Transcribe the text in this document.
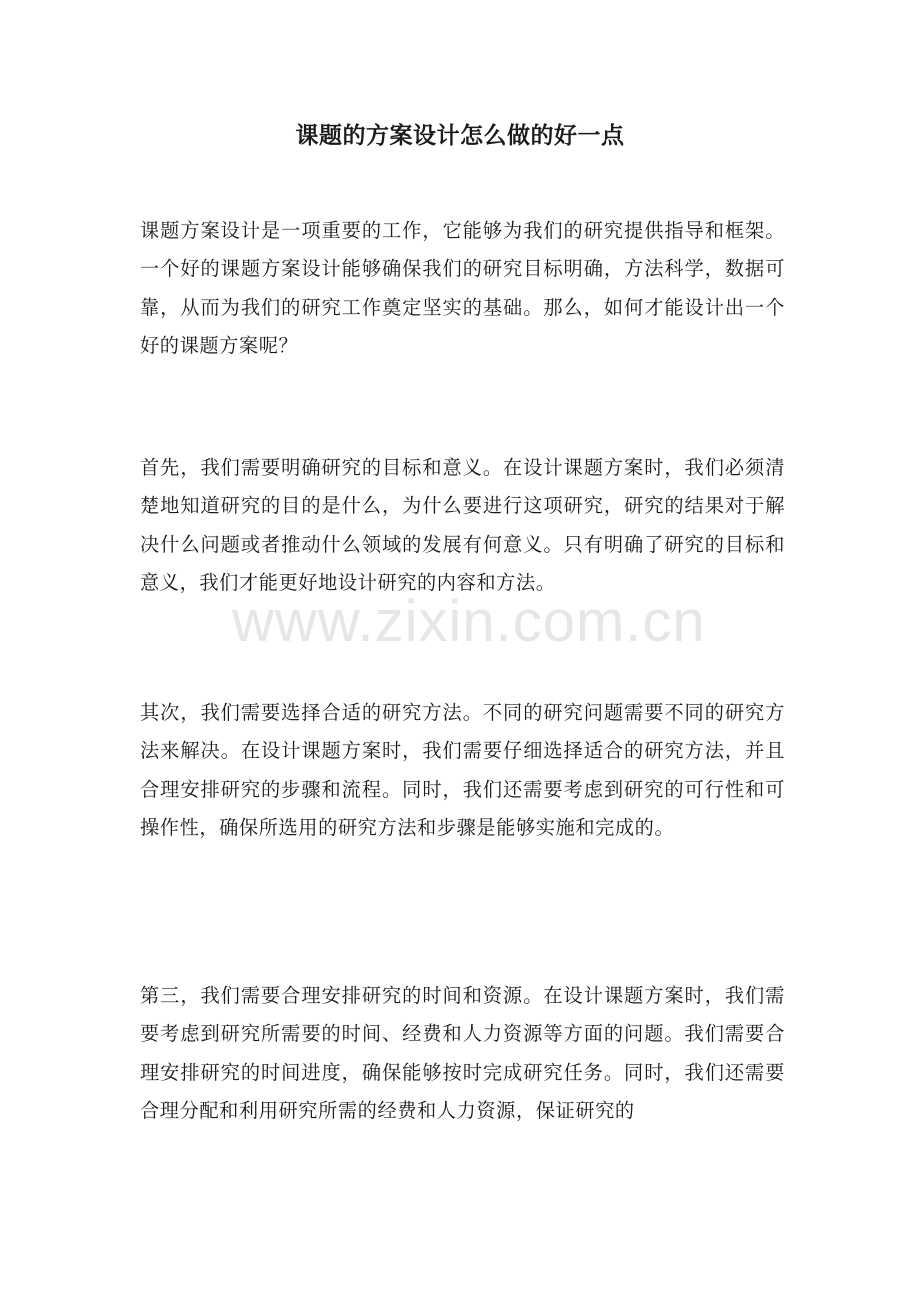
课题的方案设计怎么做的好一点

课题方案设计是一项重要的工作，它能够为我们的研究提供指导和框架。一个好的课题方案设计能够确保我们的研究目标明确，方法科学，数据可靠，从而为我们的研究工作奠定坚实的基础。那么，如何才能设计出一个好的课题方案呢？

首先，我们需要明确研究的目标和意义。在设计课题方案时，我们必须清楚地知道研究的目的是什么，为什么要进行这项研究，研究的结果对于解决什么问题或者推动什么领域的发展有何意义。只有明确了研究的目标和意义，我们才能更好地设计研究的内容和方法。

其次，我们需要选择合适的研究方法。不同的研究问题需要不同的研究方法来解决。在设计课题方案时，我们需要仔细选择适合的研究方法，并且合理安排研究的步骤和流程。同时，我们还需要考虑到研究的可行性和可操作性，确保所选用的研究方法和步骤是能够实施和完成的。

第三，我们需要合理安排研究的时间和资源。在设计课题方案时，我们需要考虑到研究所需要的时间、经费和人力资源等方面的问题。我们需要合理安排研究的时间进度，确保能够按时完成研究任务。同时，我们还需要合理分配和利用研究所需的经费和人力资源，保证研究的

www.zixin.com.cn
